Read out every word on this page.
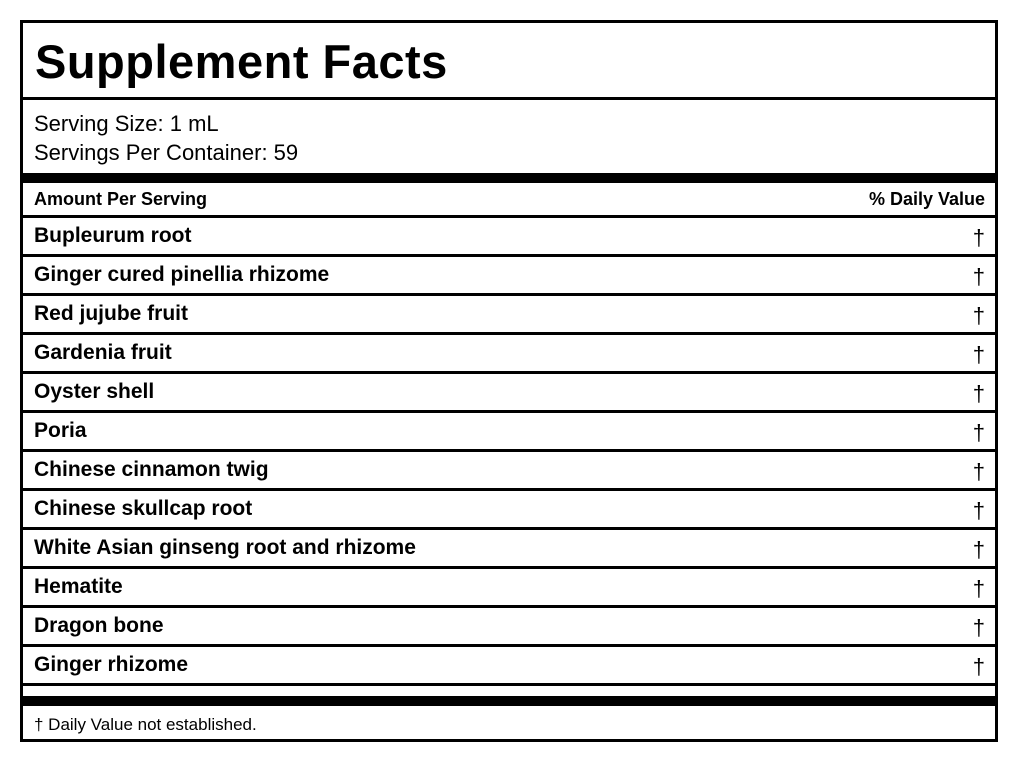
Supplement Facts
Serving Size: 1 mL
Servings Per Container: 59
Amount Per Serving	% Daily Value
Bupleurum root	†
Ginger cured pinellia rhizome	†
Red jujube fruit	†
Gardenia fruit	†
Oyster shell	†
Poria	†
Chinese cinnamon twig	†
Chinese skullcap root	†
White Asian ginseng root and rhizome	†
Hematite	†
Dragon bone	†
Ginger rhizome	†
† Daily Value not established.
